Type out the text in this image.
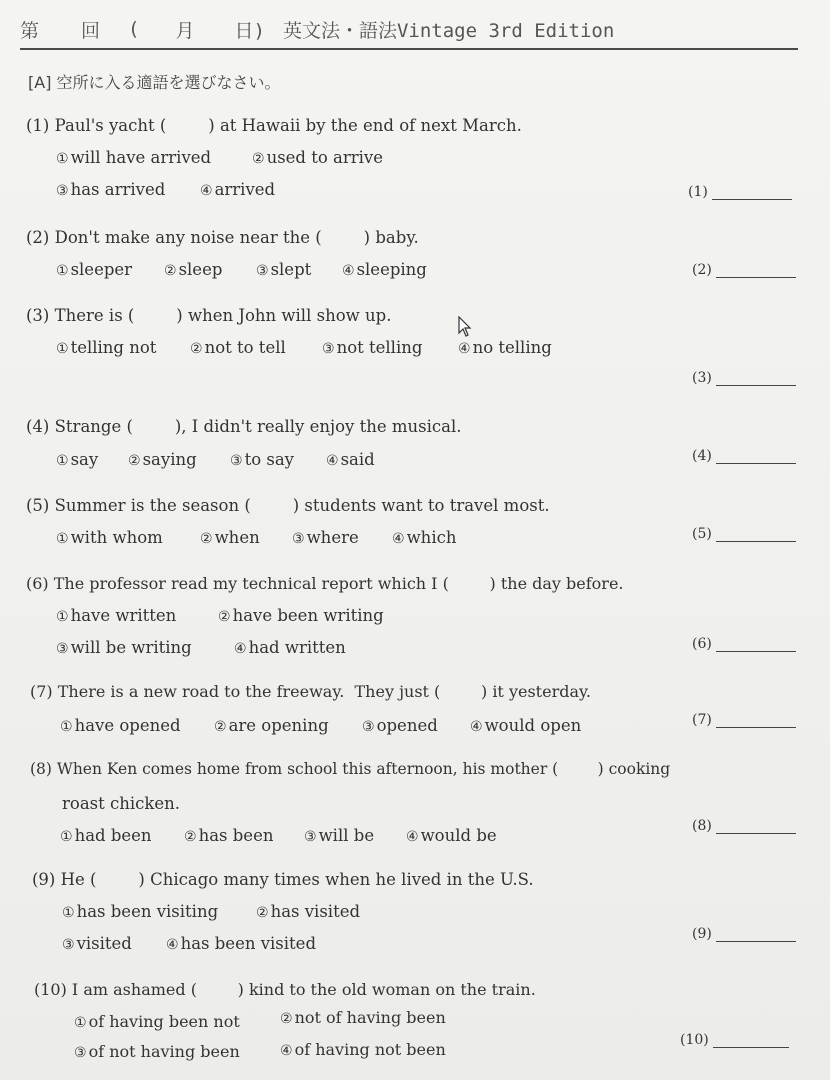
第 回 ( 月 日) 英文法・語法Vintage 3rd Edition
[A] 空所に入る適語を選びなさい。
(1) Paul's yacht (        ) at Hawaii by the end of next March.
① will have arrived	② used to arrive
③ has arrived ④ arrived	(1)
(2) Don't make any noise near the (        ) baby.
① sleeper ② sleep ③ slept ④ sleeping	(2)
(3) There is (        ) when John will show up.
① telling not ② not to tell	③ not telling	④ no telling
(3)
(4) Strange (        ), I didn't really enjoy the musical.
① say ② saying ③ to say ④ said	(4)
(5) Summer is the season (        ) students want to travel most.
① with whom	② when ③ where ④ which	(5)
(6) The professor read my technical report which I (        ) the day before.
① have written	② have been writing
③ will be writing	④ had written	(6)
(7) There is a new road to the freeway.  They just (        ) it yesterday.
① have opened ② are opening ③ opened ④ would open	(7)
(8) When Ken comes home from school this afternoon, his mother (        ) cooking
roast chicken.
① had been ② has been ③ will be ④ would be	(8)
(9) He (        ) Chicago many times when he lived in the U.S.
① has been visiting	② has visited
③ visited ④ has been visited	(9)
(10) I am ashamed (        ) kind to the old woman on the train.
① of having been not	② not of having been
③ of not having been	④ of having not been	(10)
